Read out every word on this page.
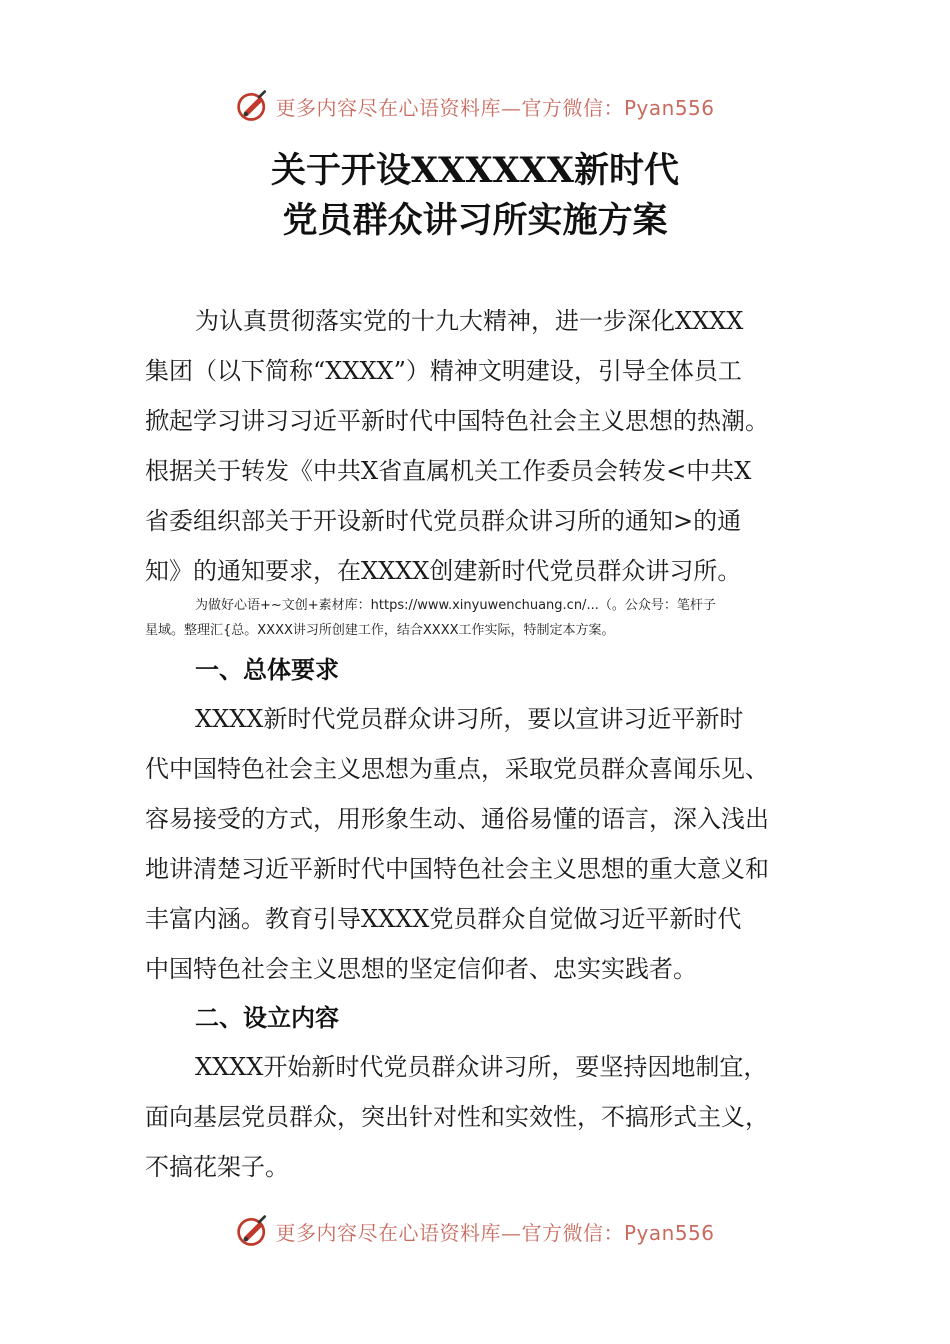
更多内容尽在心语资料库—官方微信：Pyan556
关于开设XXXXXX新时代
党员群众讲习所实施方案

为认真贯彻落实党的十九大精神，进一步深化XXXX
集团（以下简称“XXXX”）精神文明建设，引导全体员工
掀起学习讲习习近平新时代中国特色社会主义思想的热潮。
根据关于转发《中共X省直属机关工作委员会转发<中共X
省委组织部关于开设新时代党员群众讲习所的通知>的通
知》的通知要求，在XXXX创建新时代党员群众讲习所。

为做好心语+~文创+素材库：https://www.xinyuwenchuang.cn/...（。公众号：笔杆子
星域。整理汇{总。XXXX讲习所创建工作，结合XXXX工作实际，特制定本方案。

一、总体要求

XXXX新时代党员群众讲习所，要以宣讲习近平新时
代中国特色社会主义思想为重点，采取党员群众喜闻乐见、
容易接受的方式，用形象生动、通俗易懂的语言，深入浅出
地讲清楚习近平新时代中国特色社会主义思想的重大意义和
丰富内涵。教育引导XXXX党员群众自觉做习近平新时代
中国特色社会主义思想的坚定信仰者、忠实实践者。

二、设立内容

XXXX开始新时代党员群众讲习所，要坚持因地制宜，
面向基层党员群众，突出针对性和实效性，不搞形式主义，
不搞花架子。

更多内容尽在心语资料库—官方微信：Pyan556
